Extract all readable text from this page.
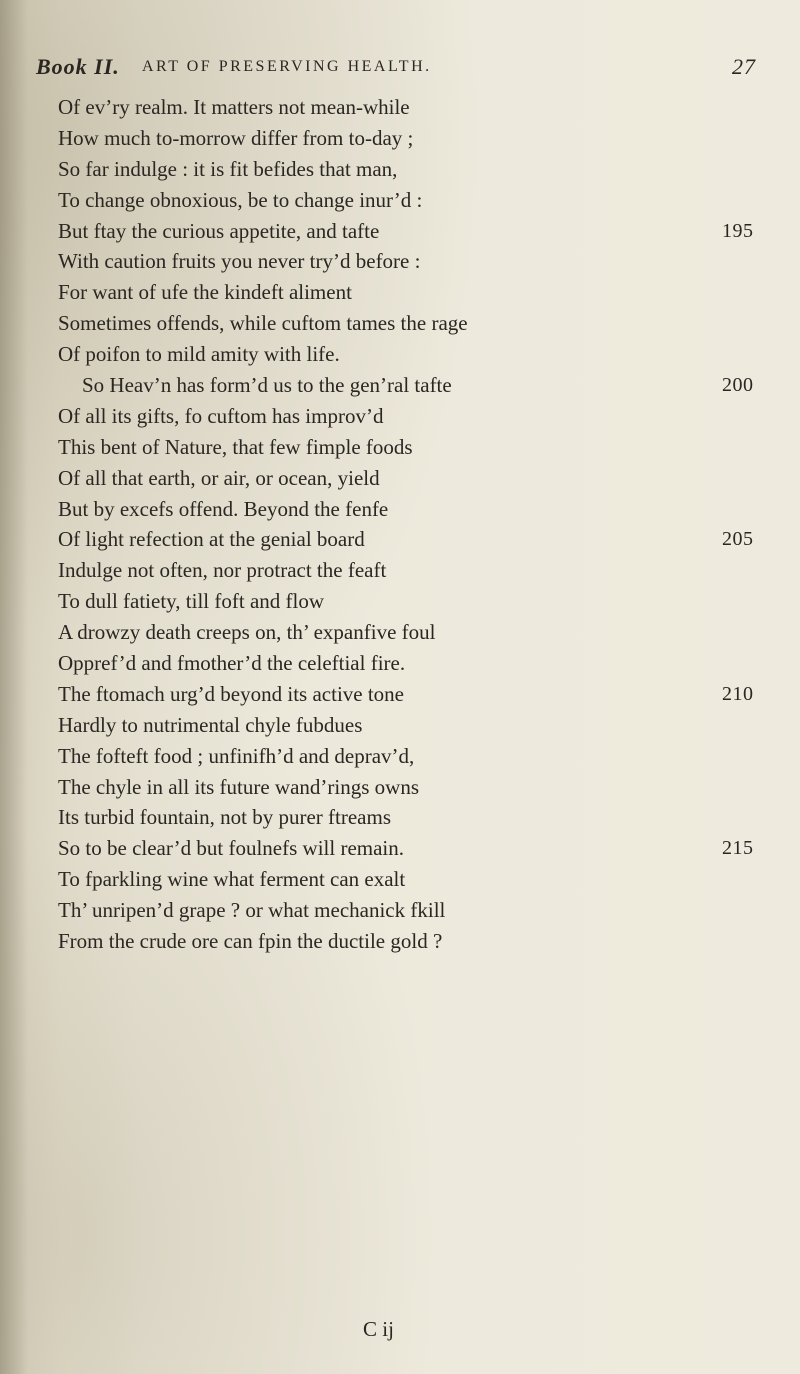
Book II. ART OF PRESERVING HEALTH.	27
Of ev’ry realm. It matters not mean-while
How much to-morrow differ from to-day ;
So far indulge : it is fit befides that man,
To change obnoxious, be to change inur’d :
But ftay the curious appetite, and tafte	195
With caution fruits you never try’d before :
For want of ufe the kindeft aliment
Sometimes offends, while cuftom tames the rage
Of poifon to mild amity with life.
So Heav’n has form’d us to the gen’ral tafte	200
Of all its gifts, fo cuftom has improv’d
This bent of Nature, that few fimple foods
Of all that earth, or air, or ocean, yield
But by excefs offend. Beyond the fenfe
Of light refection at the genial board	205
Indulge not often, nor protract the feaft
To dull fatiety, till foft and flow
A drowzy death creeps on, th’ expanfive foul
Oppref’d and fmother’d the celeftial fire.
The ftomach urg’d beyond its active tone	210
Hardly to nutrimental chyle fubdues
The fofteft food ; unfinifh’d and deprav’d,
The chyle in all its future wand’rings owns
Its turbid fountain, not by purer ftreams
So to be clear’d but foulnefs will remain.	215
To fparkling wine what ferment can exalt
Th’ unripen’d grape ? or what mechanick fkill
From the crude ore can fpin the ductile gold ?
C ij
